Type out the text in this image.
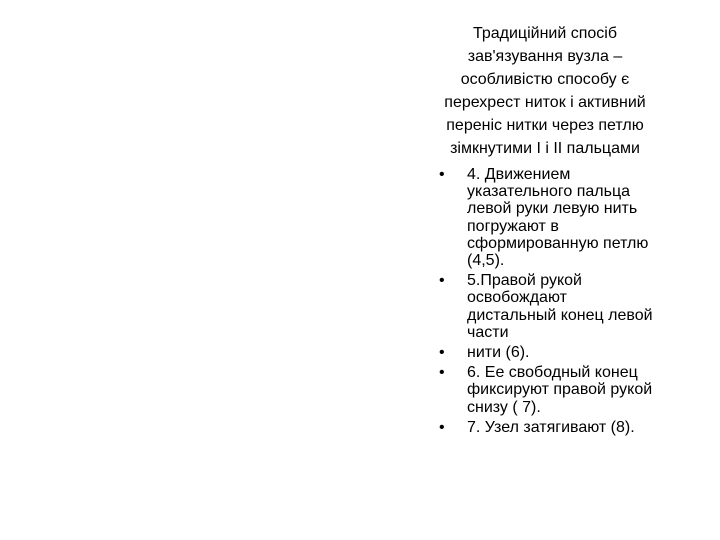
Традиційний спосіб
зав'язування вузла –
особливістю способу є
перехрест ниток і активний
переніс нитки через петлю
зімкнутими I і II пальцами
• 4. Движением
указательного пальца
левой руки левую нить
погружают в
сформированную петлю
(4,5).
• 5.Правой рукой
освобождают
дистальный конец левой
части
• нити (6).
• 6. Ее свободный конец
фиксируют правой рукой
снизу ( 7).
• 7. Узел затягивают (8).
